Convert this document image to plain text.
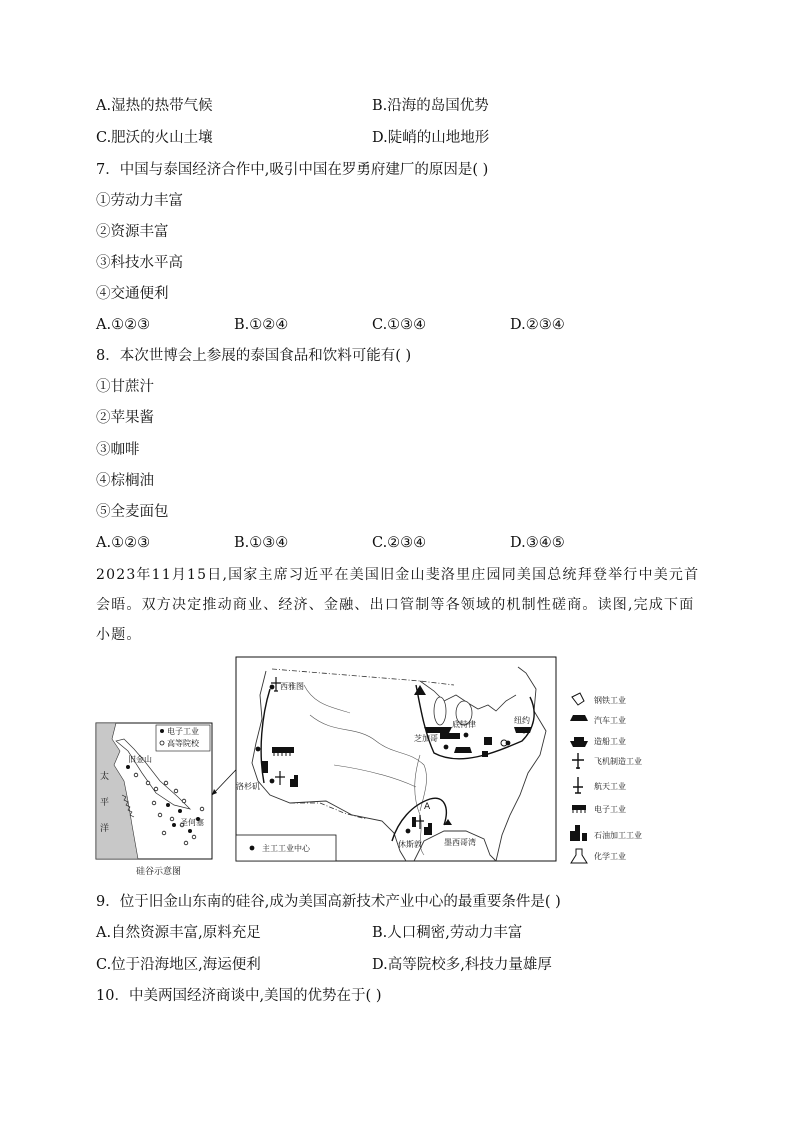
A.湿热的热带气候	B.沿海的岛国优势
C.肥沃的火山土壤	D.陡峭的山地地形
7．中国与泰国经济合作中,吸引中国在罗勇府建厂的原因是( )
①劳动力丰富
②资源丰富
③科技水平高
④交通便利
A.①②③	B.①②④	C.①③④	D.②③④
8．本次世博会上参展的泰国食品和饮料可能有( )
①甘蔗汁
②苹果酱
③咖啡
④棕榈油
⑤全麦面包
A.①②③	B.①③④	C.②③④	D.③④⑤
2023年11月15日,国家主席习近平在美国旧金山斐洛里庄园同美国总统拜登举行中美元首会晤。双方决定推动商业、经济、金融、出口管制等各领域的机制性磋商。读图,完成下面小题。
电子工业
高等院校
旧金山
太
平
洋
圣何塞
硅谷示意图
西雅图
洛杉矶
休斯敦
芝加哥
底特律	纽约
墨西哥湾
A
主工工业中心
钢铁工业
汽车工业
造船工业
飞机制造工业
航天工业
电子工业
石油加工工业
化学工业
9．位于旧金山东南的硅谷,成为美国高新技术产业中心的最重要条件是( )
A.自然资源丰富,原料充足	B.人口稠密,劳动力丰富
C.位于沿海地区,海运便利	D.高等院校多,科技力量雄厚
10．中美两国经济商谈中,美国的优势在于( )
